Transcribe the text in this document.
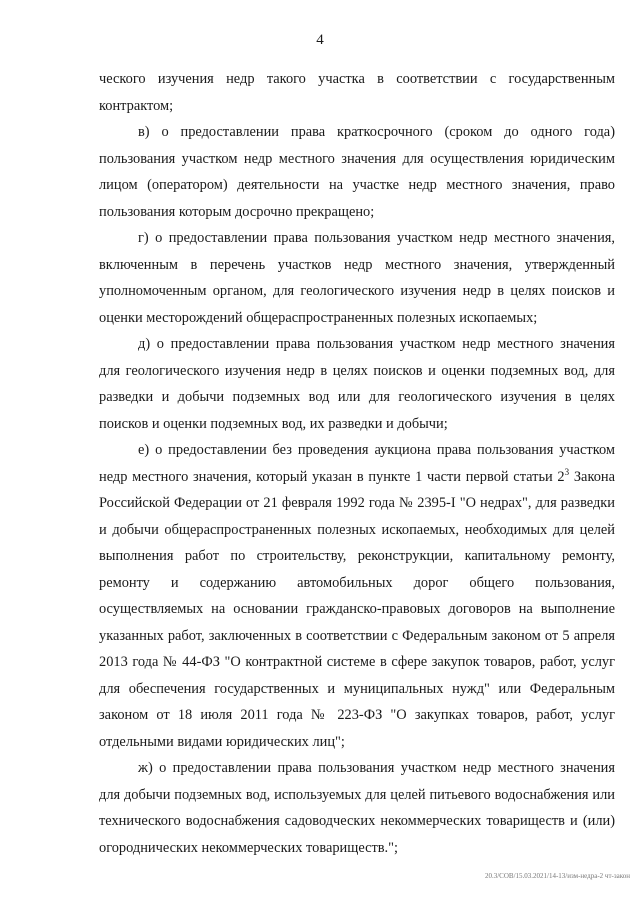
4

ческого изучения недр такого участка в соответствии с государственным контрактом;

в) о предоставлении права краткосрочного (сроком до одного года) пользования участком недр местного значения для осуществления юридическим лицом (оператором) деятельности на участке недр местного значения, право пользования которым досрочно прекращено;

г) о предоставлении права пользования участком недр местного значения, включенным в перечень участков недр местного значения, утвержденный уполномоченным органом, для геологического изучения недр в целях поисков и оценки месторождений общераспространенных полезных ископаемых;

д) о предоставлении права пользования участком недр местного значения для геологического изучения недр в целях поисков и оценки подземных вод, для разведки и добычи подземных вод или для геологического изучения в целях поисков и оценки подземных вод, их разведки и добычи;

е) о предоставлении без проведения аукциона права пользования участком недр местного значения, который указан в пункте 1 части первой статьи $2^3$ Закона Российской Федерации от 21 февраля 1992 года № 2395-I "О недрах", для разведки и добычи общераспространенных полезных ископаемых, необходимых для целей выполнения работ по строительству, реконструкции, капитальному ремонту, ремонту и содержанию автомобильных дорог общего пользования, осуществляемых на основании гражданско-правовых договоров на выполнение указанных работ, заключенных в соответствии с Федеральным законом от 5 апреля 2013 года № 44-ФЗ "О контрактной системе в сфере закупок товаров, работ, услуг для обеспечения государственных и муниципальных нужд" или Федеральным законом от 18 июля 2011 года № 223-ФЗ "О закупках товаров, работ, услуг отдельными видами юридических лиц";

ж) о предоставлении права пользования участком недр местного значения для добычи подземных вод, используемых для целей питьевого водоснабжения или технического водоснабжения садоводческих некоммерческих товариществ и (или) огороднических некоммерческих товариществ.";

20.3/СОВ/15.03.2021/14-13/изм-недра-2 чт-закон
